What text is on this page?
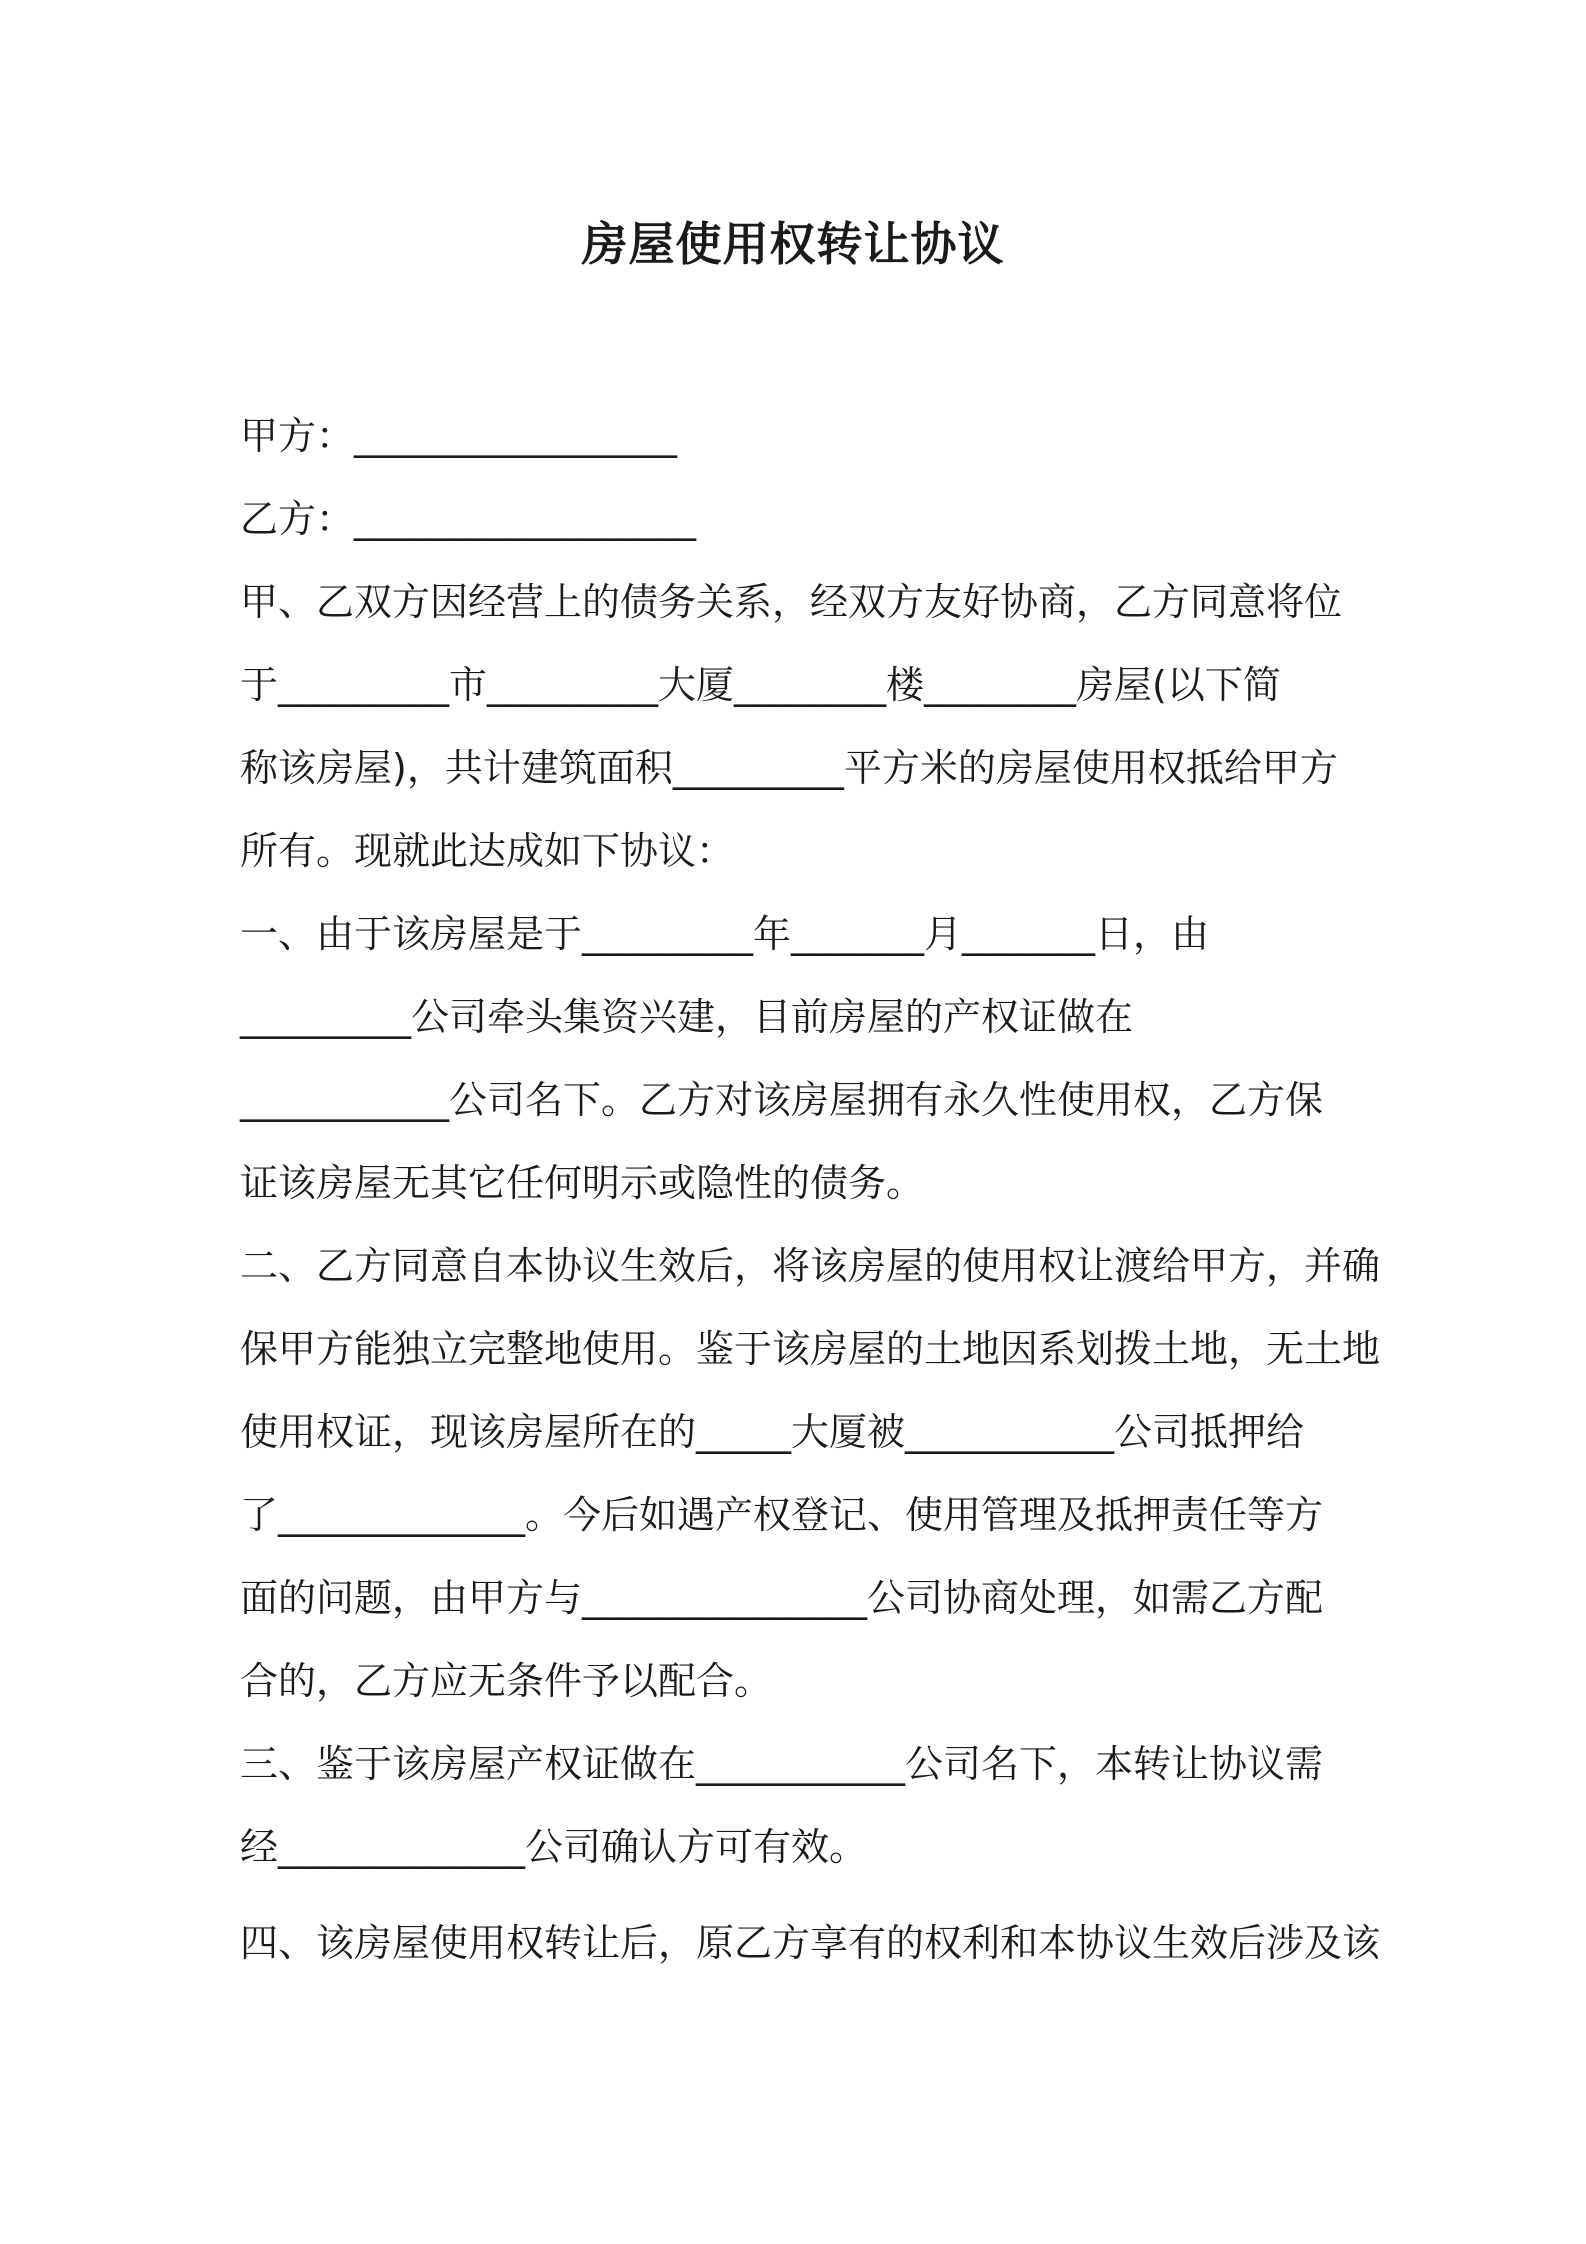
房屋使用权转让协议
甲方：_________________
乙方：__________________
甲、乙双方因经营上的债务关系，经双方友好协商，乙方同意将位
于_________市_________大厦________楼________房屋(以下简
称该房屋)，共计建筑面积_________平方米的房屋使用权抵给甲方
所有。现就此达成如下协议：
一、由于该房屋是于_________年_______月_______日，由
_________公司牵头集资兴建，目前房屋的产权证做在
___________公司名下。乙方对该房屋拥有永久性使用权，乙方保
证该房屋无其它任何明示或隐性的债务。
二、乙方同意自本协议生效后，将该房屋的使用权让渡给甲方，并确
保甲方能独立完整地使用。鉴于该房屋的土地因系划拨土地，无土地
使用权证，现该房屋所在的_____大厦被___________公司抵押给
了_____________。今后如遇产权登记、使用管理及抵押责任等方
面的问题，由甲方与_______________公司协商处理，如需乙方配
合的，乙方应无条件予以配合。
三、鉴于该房屋产权证做在___________公司名下，本转让协议需
经_____________公司确认方可有效。
四、该房屋使用权转让后，原乙方享有的权利和本协议生效后涉及该
